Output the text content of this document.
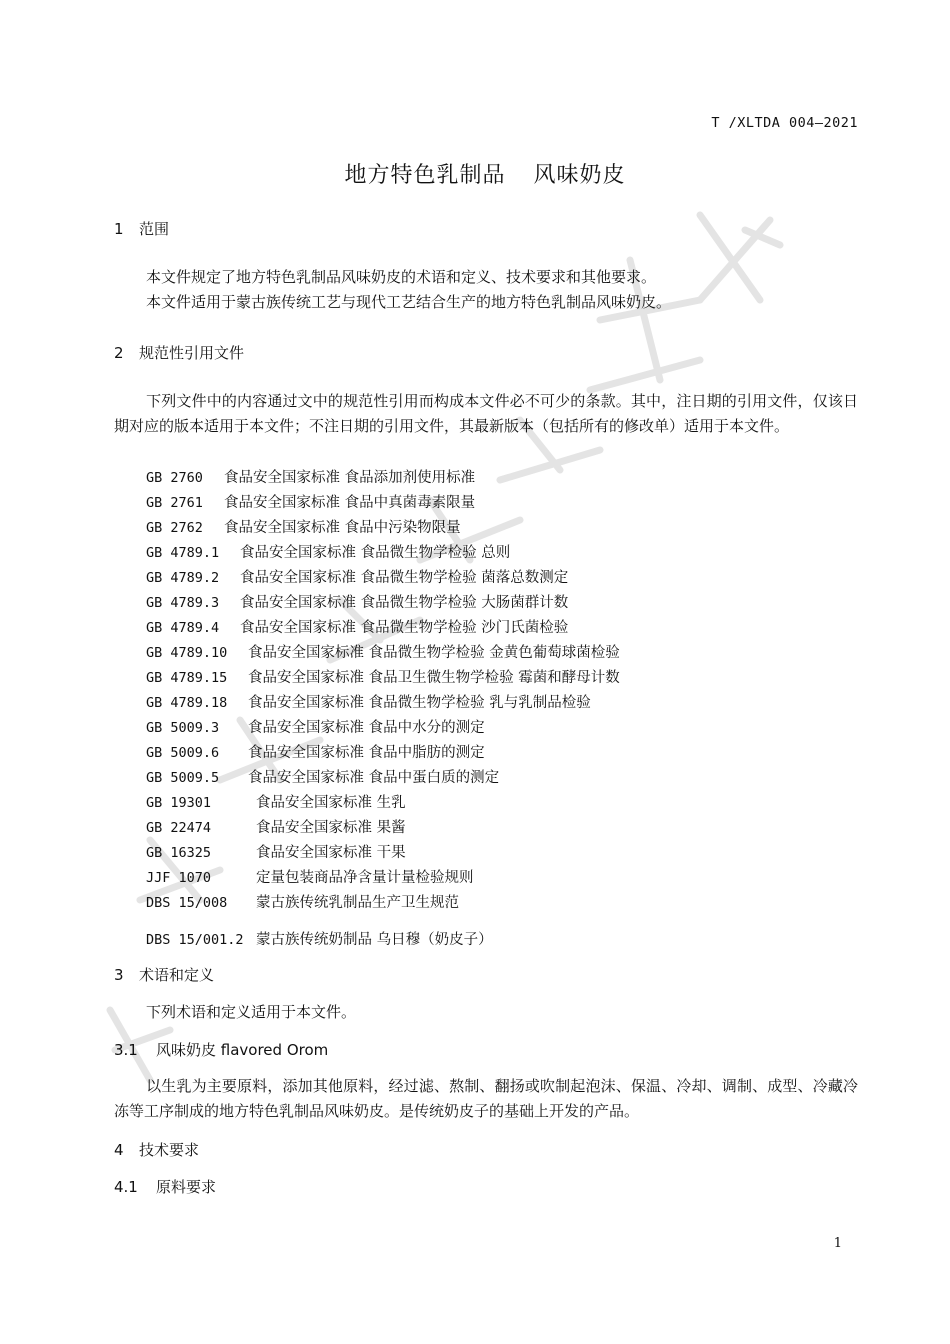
T /XLTDA 004—2021
地方特色乳制品 风味奶皮
1 范围
本文件规定了地方特色乳制品风味奶皮的术语和定义、技术要求和其他要求。
本文件适用于蒙古族传统工艺与现代工艺结合生产的地方特色乳制品风味奶皮。
2 规范性引用文件
下列文件中的内容通过文中的规范性引用而构成本文件必不可少的条款。其中，注日期的引用文件，仅该日期对应的版本适用于本文件；不注日期的引用文件，其最新版本（包括所有的修改单）适用于本文件。
GB 2760 食品安全国家标准 食品添加剂使用标准
GB 2761 食品安全国家标准 食品中真菌毒素限量
GB 2762 食品安全国家标准 食品中污染物限量
GB 4789.1 食品安全国家标准 食品微生物学检验 总则
GB 4789.2 食品安全国家标准 食品微生物学检验 菌落总数测定
GB 4789.3 食品安全国家标准 食品微生物学检验 大肠菌群计数
GB 4789.4 食品安全国家标准 食品微生物学检验 沙门氏菌检验
GB 4789.10 食品安全国家标准 食品微生物学检验 金黄色葡萄球菌检验
GB 4789.15 食品安全国家标准 食品卫生微生物学检验 霉菌和酵母计数
GB 4789.18 食品安全国家标准 食品微生物学检验 乳与乳制品检验
GB 5009.3 食品安全国家标准 食品中水分的测定
GB 5009.6 食品安全国家标准 食品中脂肪的测定
GB 5009.5 食品安全国家标准 食品中蛋白质的测定
GB 19301	食品安全国家标准 生乳
GB 22474	食品安全国家标准 果酱
GB 16325	食品安全国家标准 干果
JJF 1070	定量包装商品净含量计量检验规则
DBS 15/008 蒙古族传统乳制品生产卫生规范
DBS 15/001.2 蒙古族传统奶制品 乌日穆（奶皮子）
3 术语和定义
下列术语和定义适用于本文件。
3.1 风味奶皮 flavored Orom
以生乳为主要原料，添加其他原料，经过滤、熬制、翻扬或吹制起泡沫、保温、冷却、调制、成型、冷藏冷冻等工序制成的地方特色乳制品风味奶皮。是传统奶皮子的基础上开发的产品。
4 技术要求
4.1 原料要求
1
